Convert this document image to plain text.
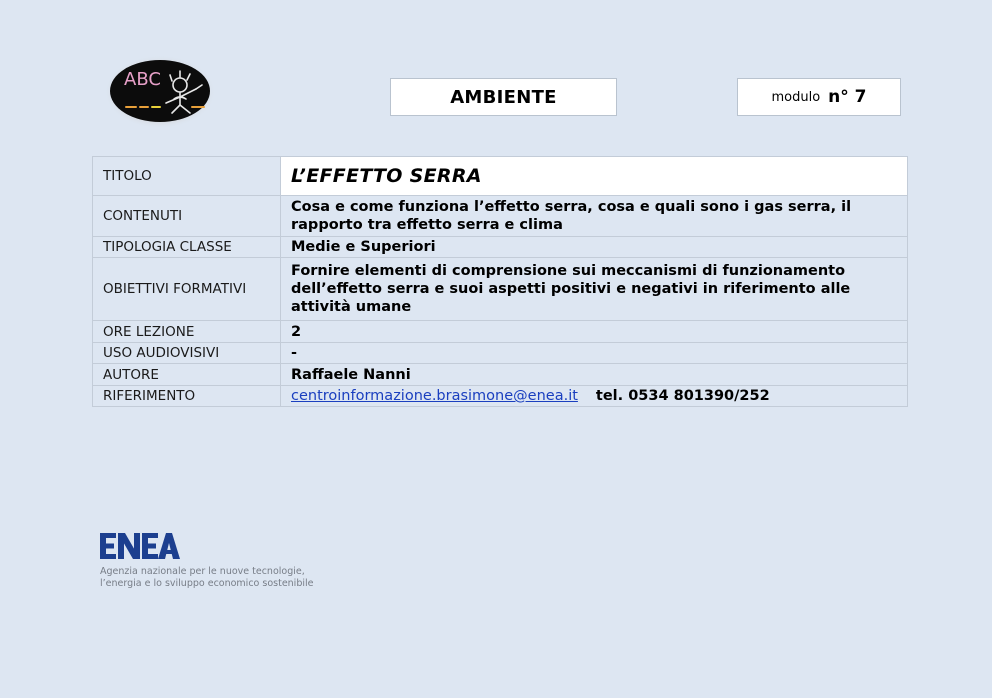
ABC
AMBIENTE	modulo n° 7
TITOLO	L’EFFETTO SERRA
CONTENUTI	Cosa e come funziona l’effetto serra, cosa e quali sono i gas serra, il rapporto tra effetto serra e clima
TIPOLOGIA CLASSE	Medie e Superiori
OBIETTIVI FORMATIVI	Fornire elementi di comprensione sui meccanismi di funzionamento dell’effetto serra e suoi aspetti positivi e negativi in riferimento alle attività umane
ORE LEZIONE	2
USO AUDIOVISIVI	-
AUTORE	Raffaele Nanni
RIFERIMENTO	centroinformazione.brasimone@enea.it tel. 0534 801390/252
Agenzia nazionale per le nuove tecnologie,
l’energia e lo sviluppo economico sostenibile
